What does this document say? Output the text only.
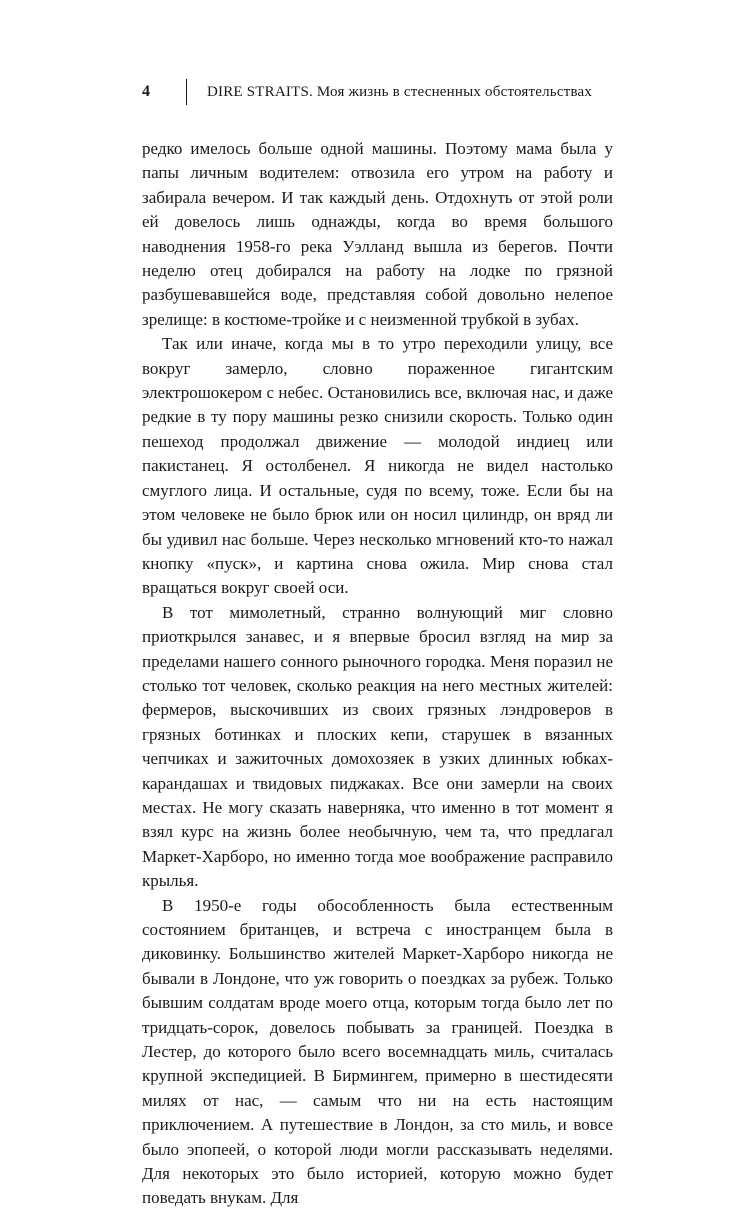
4	DIRE STRAITS. Моя жизнь в стесненных обстоятельствах

редко имелось больше одной машины. Поэтому мама была у папы личным водителем: отвозила его утром на работу и забирала вечером. И так каждый день. Отдохнуть от этой роли ей довелось лишь однажды, когда во время большого наводнения 1958-го река Уэлланд вышла из берегов. Почти неделю отец добирался на работу на лодке по грязной разбушевавшейся воде, представляя собой довольно нелепое зрелище: в костюме-тройке и с неизменной трубкой в зубах.

Так или иначе, когда мы в то утро переходили улицу, все вокруг замерло, словно пораженное гигантским электрошокером с небес. Остановились все, включая нас, и даже редкие в ту пору машины резко снизили скорость. Только один пешеход продолжал движение — молодой индиец или пакистанец. Я остолбенел. Я никогда не видел настолько смуглого лица. И остальные, судя по всему, тоже. Если бы на этом человеке не было брюк или он носил цилиндр, он вряд ли бы удивил нас больше. Через несколько мгновений кто-то нажал кнопку «пуск», и картина снова ожила. Мир снова стал вращаться вокруг своей оси.

В тот мимолетный, странно волнующий миг словно приоткрылся занавес, и я впервые бросил взгляд на мир за пределами нашего сонного рыночного городка. Меня поразил не столько тот человек, сколько реакция на него местных жителей: фермеров, выскочивших из своих грязных лэндроверов в грязных ботинках и плоских кепи, старушек в вязанных чепчиках и зажиточных домохозяек в узких длинных юбках-карандашах и твидовых пиджаках. Все они замерли на своих местах. Не могу сказать наверняка, что именно в тот момент я взял курс на жизнь более необычную, чем та, что предлагал Маркет-Харборо, но именно тогда мое воображение расправило крылья.

В 1950-е годы обособленность была естественным состоянием британцев, и встреча с иностранцем была в диковинку. Большинство жителей Маркет-Харборо никогда не бывали в Лондоне, что уж говорить о поездках за рубеж. Только бывшим солдатам вроде моего отца, которым тогда было лет по тридцать-сорок, довелось побывать за границей. Поездка в Лестер, до которого было всего восемнадцать миль, считалась крупной экспедицией. В Бирмингем, примерно в шестидесяти милях от нас, — самым что ни на есть настоящим приключением. А путешествие в Лондон, за сто миль, и вовсе было эпопеей, о которой люди могли рассказывать неделями. Для некоторых это было историей, которую можно будет поведать внукам. Для
